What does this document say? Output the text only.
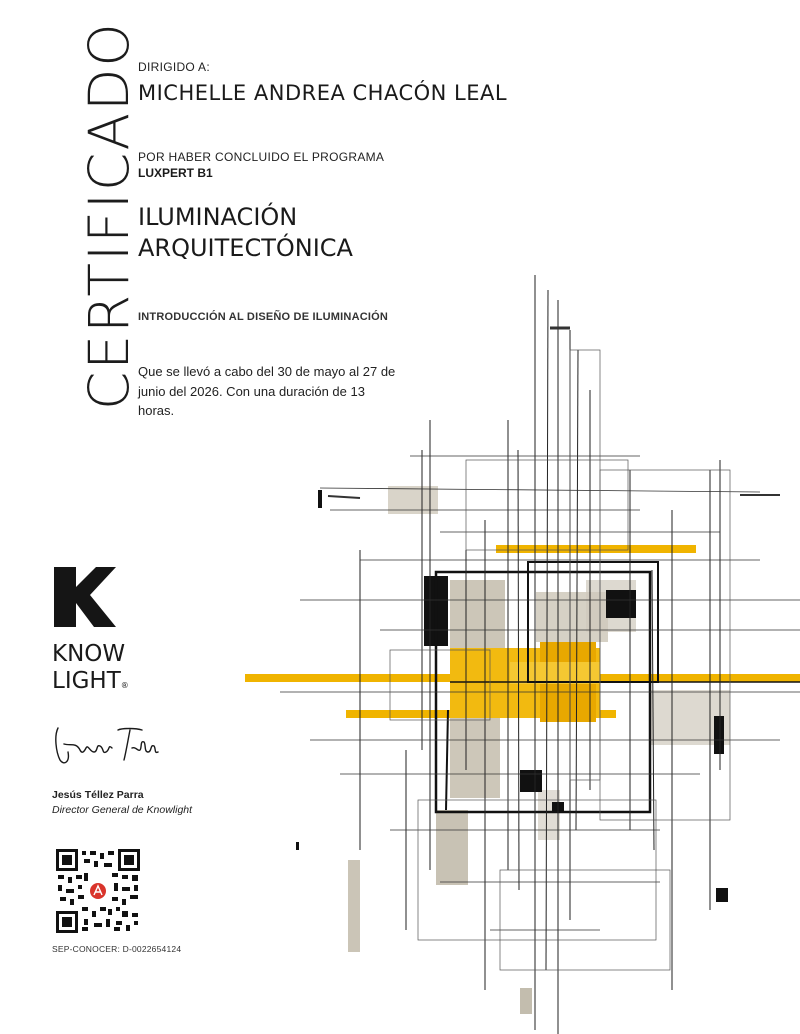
CERTIFICADO
DIRIGIDO A:
MICHELLE ANDREA CHACÓN LEAL
POR HABER CONCLUIDO EL PROGRAMA
LUXPERT B1
ILUMINACIÓN ARQUITECTÓNICA
INTRODUCCIÓN AL DISEÑO DE ILUMINACIÓN
Que se llevó a cabo del 30 de mayo al 27 de junio del 2026. Con una duración de 13 horas.
KNOW
LIGHT®
Jesús Téllez Parra
Director General de Knowlight
SEP-CONOCER: D-0022654124
